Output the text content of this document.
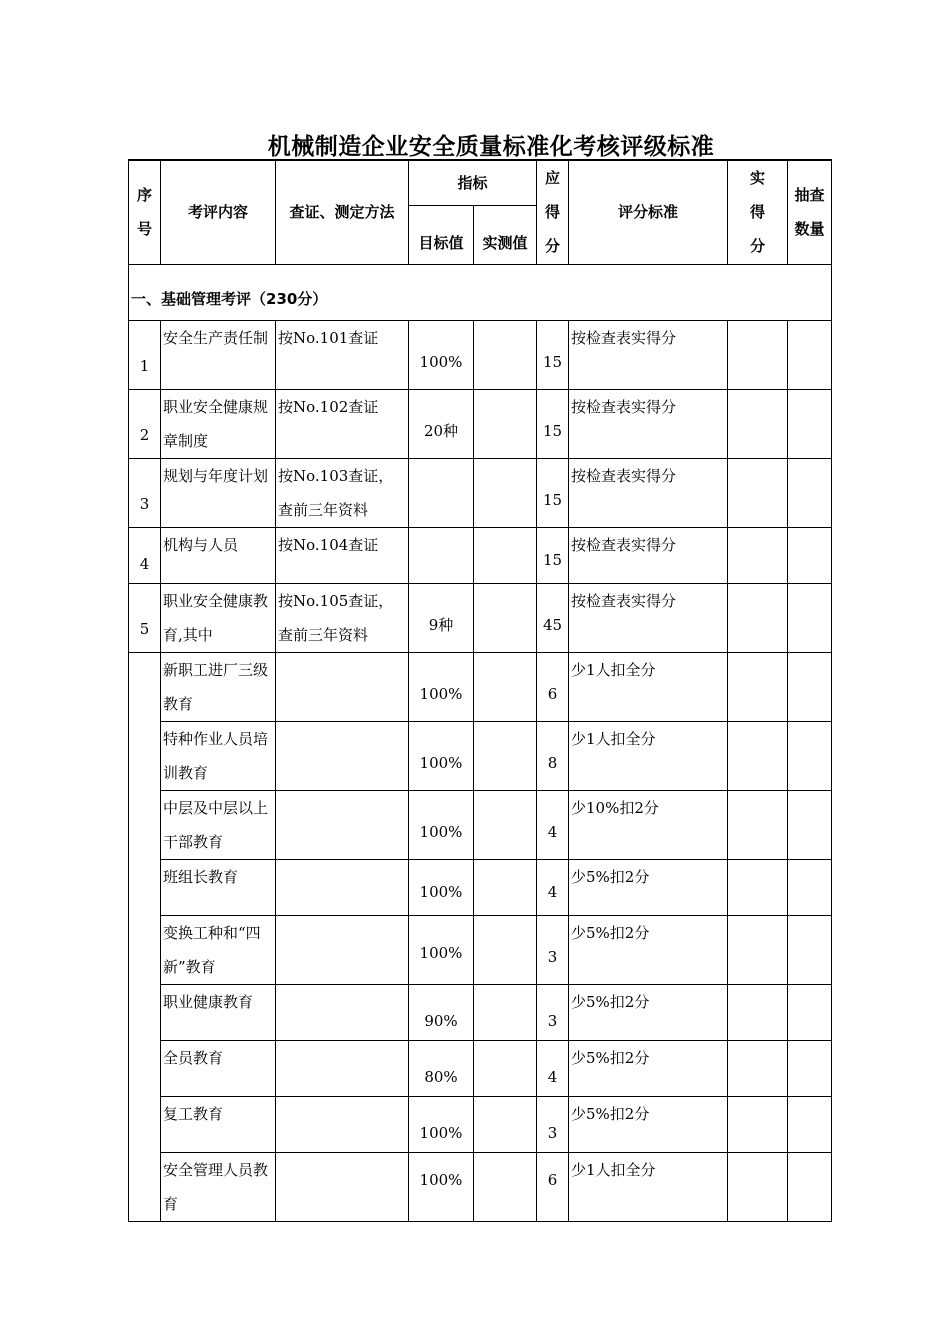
机械制造企业安全质量标准化考核评级标准
序号	考评内容	查证、测定方法	指标		应得分	评分标准	实得分	抽查数量
			目标值	实测值				
一、基础管理考评（230分）								
1	安全生产责任制	按No.101查证	100%		15	按检查表实得分		
2	职业安全健康规章制度	按No.102查证	20种		15	按检查表实得分		
3	规划与年度计划	按No.103查证，查前三年资料			15	按检查表实得分		
4	机构与人员	按No.104查证			15	按检查表实得分		
5	职业安全健康教育,其中	按No.105查证，查前三年资料	9种		45	按检查表实得分		
	新职工进厂三级教育		100%		6	少1人扣全分		
	特种作业人员培训教育		100%		8	少1人扣全分		
	中层及中层以上干部教育		100%		4	少10%扣2分		
	班组长教育		100%		4	少5%扣2分		
	变换工种和“四新”教育		100%		3	少5%扣2分		
	职业健康教育		90%		3	少5%扣2分		
	全员教育		80%		4	少5%扣2分		
	复工教育		100%		3	少5%扣2分		
	安全管理人员教育		100%		6	少1人扣全分		
